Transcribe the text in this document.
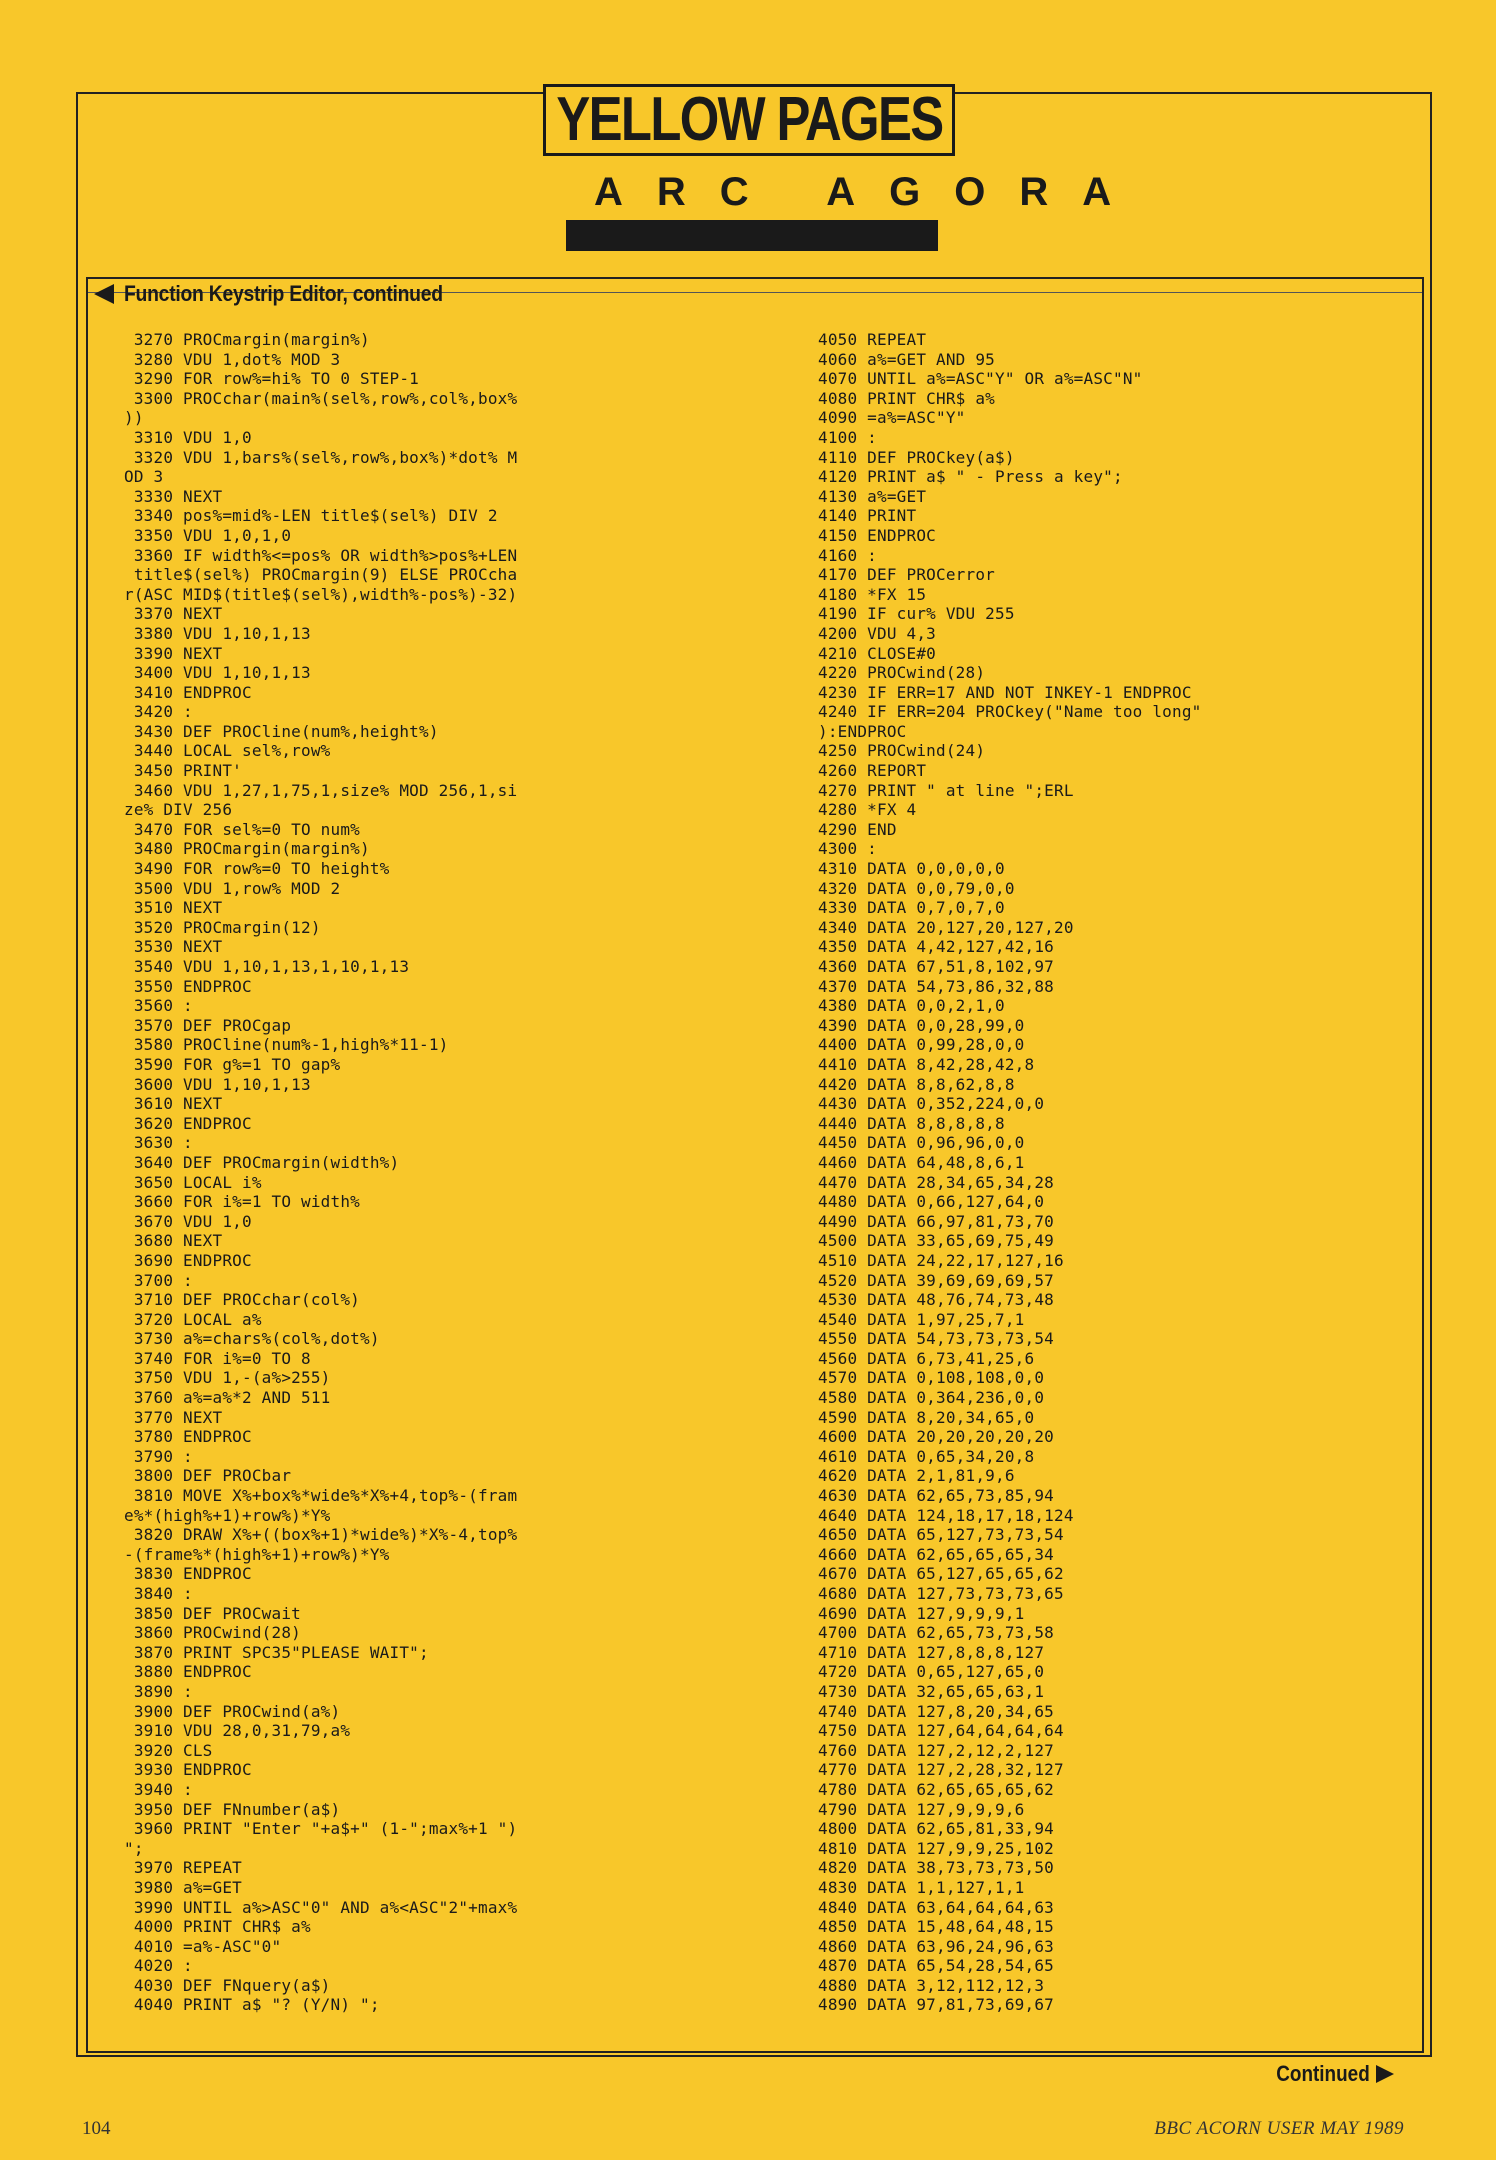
YELLOW PAGES
ARC AGORA
Function Keystrip Editor, continued
3270 PROCmargin(margin%)
3280 VDU 1,dot% MOD 3
3290 FOR row%=hi% TO 0 STEP-1
3300 PROCchar(main%(sel%,row%,col%,box%
))
3310 VDU 1,0
3320 VDU 1,bars%(sel%,row%,box%)*dot% M
OD 3
3330 NEXT
3340 pos%=mid%-LEN title$(sel%) DIV 2
3350 VDU 1,0,1,0
3360 IF width%<=pos% OR width%>pos%+LEN
title$(sel%) PROCmargin(9) ELSE PROCcha
r(ASC MID$(title$(sel%),width%-pos%)-32)
3370 NEXT
3380 VDU 1,10,1,13
3390 NEXT
3400 VDU 1,10,1,13
3410 ENDPROC
3420 :
3430 DEF PROCline(num%,height%)
3440 LOCAL sel%,row%
3450 PRINT'
3460 VDU 1,27,1,75,1,size% MOD 256,1,si
ze% DIV 256
3470 FOR sel%=0 TO num%
3480 PROCmargin(margin%)
3490 FOR row%=0 TO height%
3500 VDU 1,row% MOD 2
3510 NEXT
3520 PROCmargin(12)
3530 NEXT
3540 VDU 1,10,1,13,1,10,1,13
3550 ENDPROC
3560 :
3570 DEF PROCgap
3580 PROCline(num%-1,high%*11-1)
3590 FOR g%=1 TO gap%
3600 VDU 1,10,1,13
3610 NEXT
3620 ENDPROC
3630 :
3640 DEF PROCmargin(width%)
3650 LOCAL i%
3660 FOR i%=1 TO width%
3670 VDU 1,0
3680 NEXT
3690 ENDPROC
3700 :
3710 DEF PROCchar(col%)
3720 LOCAL a%
3730 a%=chars%(col%,dot%)
3740 FOR i%=0 TO 8
3750 VDU 1,-(a%>255)
3760 a%=a%*2 AND 511
3770 NEXT
3780 ENDPROC
3790 :
3800 DEF PROCbar
3810 MOVE X%+box%*wide%*X%+4,top%-(fram
e%*(high%+1)+row%)*Y%
3820 DRAW X%+((box%+1)*wide%)*X%-4,top%
-(frame%*(high%+1)+row%)*Y%
3830 ENDPROC
3840 :
3850 DEF PROCwait
3860 PROCwind(28)
3870 PRINT SPC35"PLEASE WAIT";
3880 ENDPROC
3890 :
3900 DEF PROCwind(a%)
3910 VDU 28,0,31,79,a%
3920 CLS
3930 ENDPROC
3940 :
3950 DEF FNnumber(a$)
3960 PRINT "Enter "+a$+" (1-";max%+1 ")
";
3970 REPEAT
3980 a%=GET
3990 UNTIL a%>ASC"0" AND a%<ASC"2"+max%
4000 PRINT CHR$ a%
4010 =a%-ASC"0"
4020 :
4030 DEF FNquery(a$)
4040 PRINT a$ "? (Y/N) ";
4050 REPEAT
4060 a%=GET AND 95
4070 UNTIL a%=ASC"Y" OR a%=ASC"N"
4080 PRINT CHR$ a%
4090 =a%=ASC"Y"
4100 :
4110 DEF PROCkey(a$)
4120 PRINT a$ " - Press a key";
4130 a%=GET
4140 PRINT
4150 ENDPROC
4160 :
4170 DEF PROCerror
4180 *FX 15
4190 IF cur% VDU 255
4200 VDU 4,3
4210 CLOSE#0
4220 PROCwind(28)
4230 IF ERR=17 AND NOT INKEY-1 ENDPROC
4240 IF ERR=204 PROCkey("Name too long"
):ENDPROC
4250 PROCwind(24)
4260 REPORT
4270 PRINT " at line ";ERL
4280 *FX 4
4290 END
4300 :
4310 DATA 0,0,0,0,0
4320 DATA 0,0,79,0,0
4330 DATA 0,7,0,7,0
4340 DATA 20,127,20,127,20
4350 DATA 4,42,127,42,16
4360 DATA 67,51,8,102,97
4370 DATA 54,73,86,32,88
4380 DATA 0,0,2,1,0
4390 DATA 0,0,28,99,0
4400 DATA 0,99,28,0,0
4410 DATA 8,42,28,42,8
4420 DATA 8,8,62,8,8
4430 DATA 0,352,224,0,0
4440 DATA 8,8,8,8,8
4450 DATA 0,96,96,0,0
4460 DATA 64,48,8,6,1
4470 DATA 28,34,65,34,28
4480 DATA 0,66,127,64,0
4490 DATA 66,97,81,73,70
4500 DATA 33,65,69,75,49
4510 DATA 24,22,17,127,16
4520 DATA 39,69,69,69,57
4530 DATA 48,76,74,73,48
4540 DATA 1,97,25,7,1
4550 DATA 54,73,73,73,54
4560 DATA 6,73,41,25,6
4570 DATA 0,108,108,0,0
4580 DATA 0,364,236,0,0
4590 DATA 8,20,34,65,0
4600 DATA 20,20,20,20,20
4610 DATA 0,65,34,20,8
4620 DATA 2,1,81,9,6
4630 DATA 62,65,73,85,94
4640 DATA 124,18,17,18,124
4650 DATA 65,127,73,73,54
4660 DATA 62,65,65,65,34
4670 DATA 65,127,65,65,62
4680 DATA 127,73,73,73,65
4690 DATA 127,9,9,9,1
4700 DATA 62,65,73,73,58
4710 DATA 127,8,8,8,127
4720 DATA 0,65,127,65,0
4730 DATA 32,65,65,63,1
4740 DATA 127,8,20,34,65
4750 DATA 127,64,64,64,64
4760 DATA 127,2,12,2,127
4770 DATA 127,2,28,32,127
4780 DATA 62,65,65,65,62
4790 DATA 127,9,9,9,6
4800 DATA 62,65,81,33,94
4810 DATA 127,9,9,25,102
4820 DATA 38,73,73,73,50
4830 DATA 1,1,127,1,1
4840 DATA 63,64,64,64,63
4850 DATA 15,48,64,48,15
4860 DATA 63,96,24,96,63
4870 DATA 65,54,28,54,65
4880 DATA 3,12,112,12,3
4890 DATA 97,81,73,69,67
Continued
104	BBC ACORN USER MAY 1989
